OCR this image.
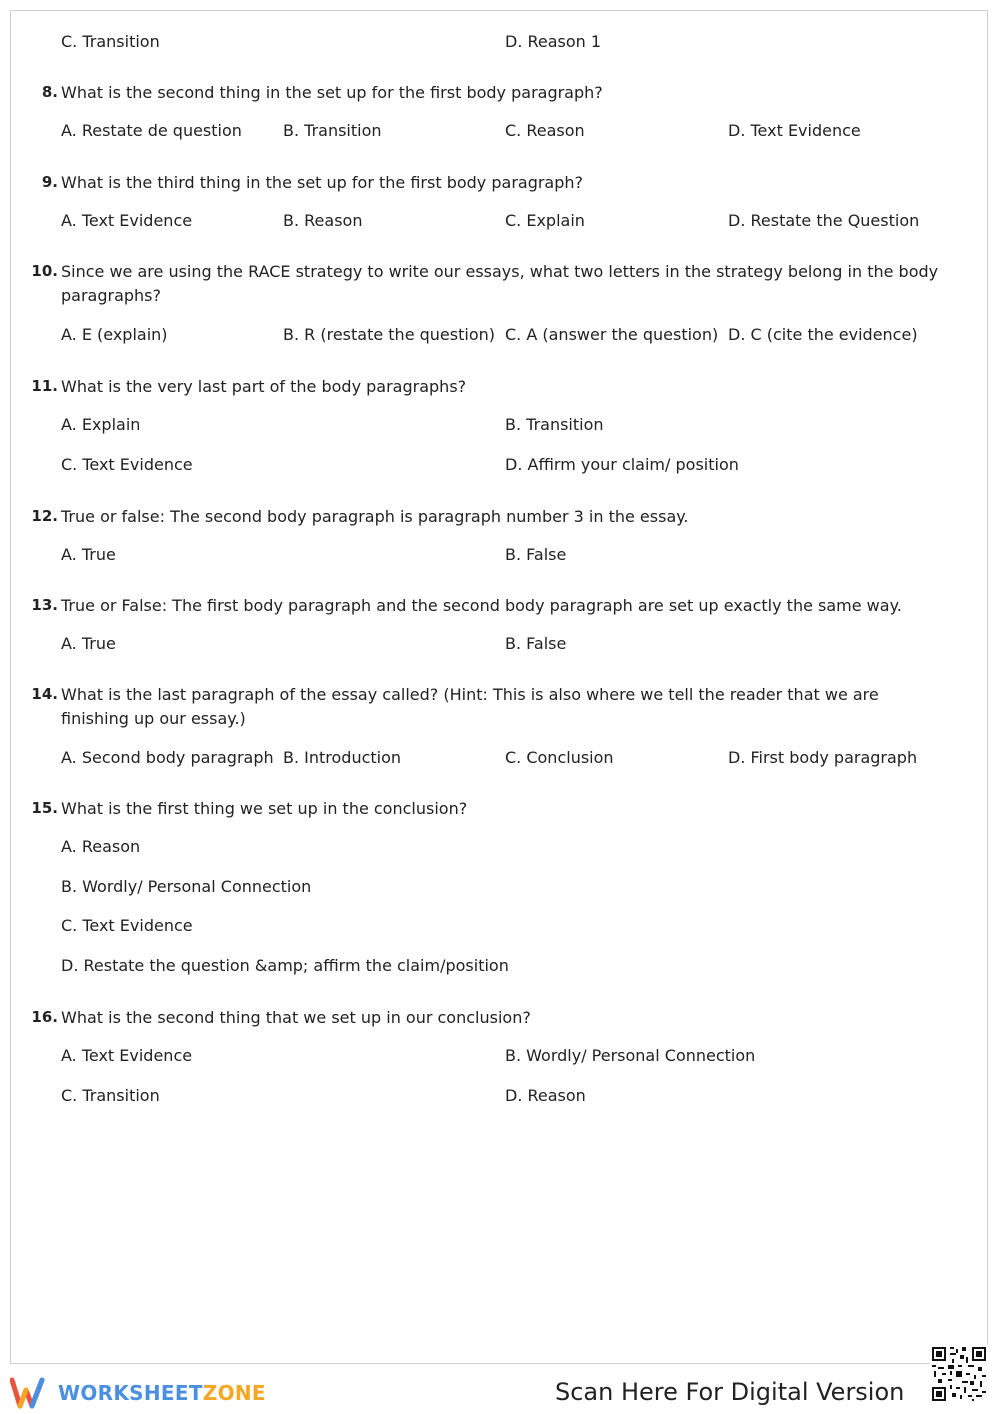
C. Transition	D. Reason 1
8. What is the second thing in the set up for the first body paragraph?
A. Restate de question	B. Transition	C. Reason	D. Text Evidence
9. What is the third thing in the set up for the first body paragraph?
A. Text Evidence	B. Reason	C. Explain	D. Restate the Question
10. Since we are using the RACE strategy to write our essays, what two letters in the strategy belong in the body paragraphs?
A. E (explain)	B. R (restate the question) C. A (answer the question) D. C (cite the evidence)
11. What is the very last part of the body paragraphs?
A. Explain	B. Transition
C. Text Evidence	D. Affirm your claim/ position
12. True or false: The second body paragraph is paragraph number 3 in the essay.
A. True	B. False
13. True or False: The first body paragraph and the second body paragraph are set up exactly the same way.
A. True	B. False
14. What is the last paragraph of the essay called? (Hint: This is also where we tell the reader that we are finishing up our essay.)
A. Second body paragraph B. Introduction	C. Conclusion	D. First body paragraph
15. What is the first thing we set up in the conclusion?
A. Reason
B. Wordly/ Personal Connection
C. Text Evidence
D. Restate the question &amp; affirm the claim/position
16. What is the second thing that we set up in our conclusion?
A. Text Evidence	B. Wordly/ Personal Connection
C. Transition	D. Reason
WORKSHEETZONE	Scan Here For Digital Version
